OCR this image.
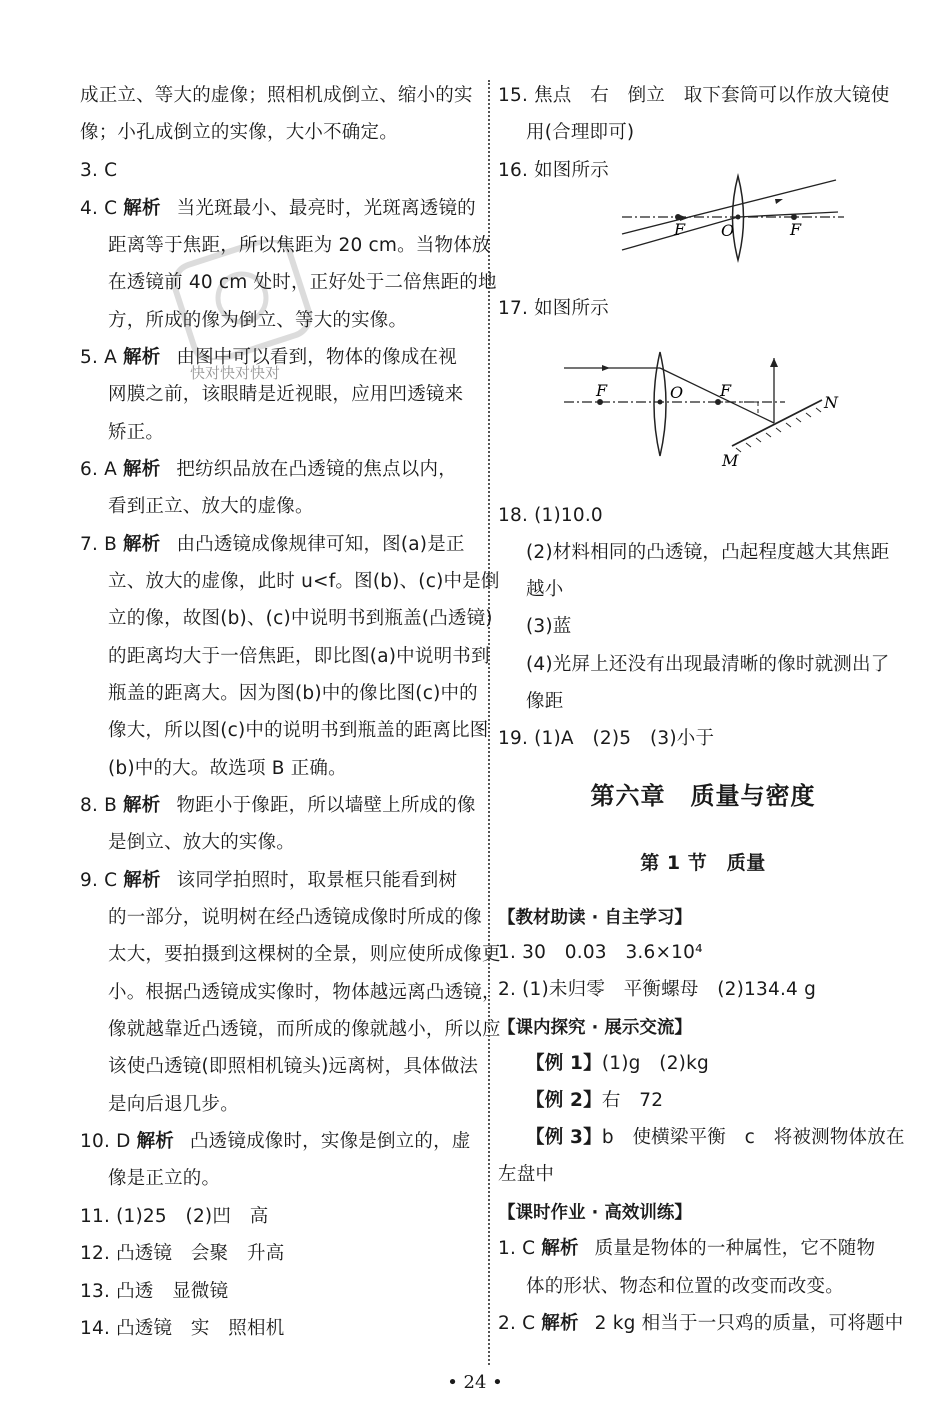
快对快对快对
成正立、等大的虚像；照相机成倒立、缩小的实
像；小孔成倒立的实像，大小不确定。
3. C
4. C 解析 当光斑最小、最亮时，光斑离透镜的
距离等于焦距，所以焦距为 20 cm。当物体放
在透镜前 40 cm 处时，正好处于二倍焦距的地
方，所成的像为倒立、等大的实像。
5. A 解析 由图中可以看到，物体的像成在视
网膜之前，该眼睛是近视眼，应用凹透镜来
矫正。
6. A 解析 把纺织品放在凸透镜的焦点以内，
看到正立、放大的虚像。
7. B 解析 由凸透镜成像规律可知，图(a)是正
立、放大的虚像，此时 u<f。图(b)、(c)中是倒
立的像，故图(b)、(c)中说明书到瓶盖(凸透镜)
的距离均大于一倍焦距，即比图(a)中说明书到
瓶盖的距离大。因为图(b)中的像比图(c)中的
像大，所以图(c)中的说明书到瓶盖的距离比图
(b)中的大。故选项 B 正确。
8. B 解析 物距小于像距，所以墙壁上所成的像
是倒立、放大的实像。
9. C 解析 该同学拍照时，取景框只能看到树
的一部分，说明树在经凸透镜成像时所成的像
太大，要拍摄到这棵树的全景，则应使所成像更
小。根据凸透镜成实像时，物体越远离凸透镜，
像就越靠近凸透镜，而所成的像就越小，所以应
该使凸透镜(即照相机镜头)远离树，具体做法
是向后退几步。
10. D 解析 凸透镜成像时，实像是倒立的，虚
像是正立的。
11. (1)25　(2)凹　高
12. 凸透镜　会聚　升高
13. 凸透　显微镜
14. 凸透镜　实　照相机
15. 焦点　右　倒立　取下套筒可以作放大镜使
用(合理即可)
16. 如图所示
F O	F
17. 如图所示
F	O F
N
M
18. (1)10.0
(2)材料相同的凸透镜，凸起程度越大其焦距
越小
(3)蓝
(4)光屏上还没有出现最清晰的像时就测出了
像距
19. (1)A　(2)5　(3)小于
第六章　质量与密度
第 1 节　质量
【教材助读 · 自主学习】
1. 30　0.03　3.6×10⁴
2. (1)未归零　平衡螺母　(2)134.4 g
【课内探究 · 展示交流】
【例 1】(1)g　(2)kg
【例 2】右　72
【例 3】b　使横梁平衡　c　将被测物体放在
左盘中
【课时作业 · 高效训练】
1. C 解析 质量是物体的一种属性，它不随物
体的形状、物态和位置的改变而改变。
2. C 解析 2 kg 相当于一只鸡的质量，可将题中
• 24 •
